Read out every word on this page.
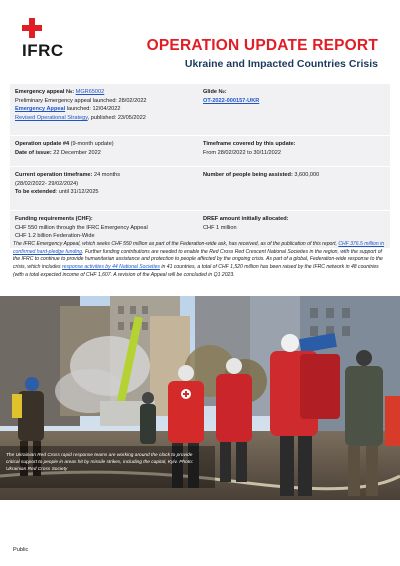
IFRC	OPERATION UPDATE REPORT
Ukraine and Impacted Countries Crisis
Emergency appeal №: MGR65002
Preliminary Emergency appeal launched: 28/02/2022
Emergency Appeal launched: 12/04/2022
Revised Operational Strategy, published: 23/05/2022
Glide №:
OT-2022-000157-UKR
Operation update #4 (9-month update)
Date of issue: 22 December 2022
Timeframe covered by this update:
From 28/02/2022 to 30/11/2022
Current operation timeframe: 24 months
(28/02/2022- 29/02/2024)
To be extended: until 31/12/2025
Number of people being assisted: 3,600,000
Funding requirements (CHF):
CHF 550 million through the IFRC Emergency Appeal
CHF 1.2 billion Federation-Wide
DREF amount initially allocated:
CHF 1 million
The IFRC Emergency Appeal, which seeks CHF 550 million as part of the Federation-wide ask, has received, as of the publication of this report, CHF 376.5 million in confirmed hard-pledge funding. Further funding contributions are needed to enable the Red Cross Red Crescent National Societies in the region, with the support of the IFRC to continue to provide humanitarian assistance and protection to people affected by the ongoing crisis. As part of a global, Federation-wide response to the crisis, which includes response activities by 44 National Societies in 41 countries, a total of CHF 1,520 million has been raised by the IFRC network in 48 countries (with a total expected income of CHF 1,607. A revision of the Appeal will be concluded in Q1 2023.
The Ukrainian Red Cross rapid response teams are working around the clock to provide critical support to people in areas hit by missile strikes, including the capital, Kyiv. Photo: Ukrainian Red Cross Society
Public
